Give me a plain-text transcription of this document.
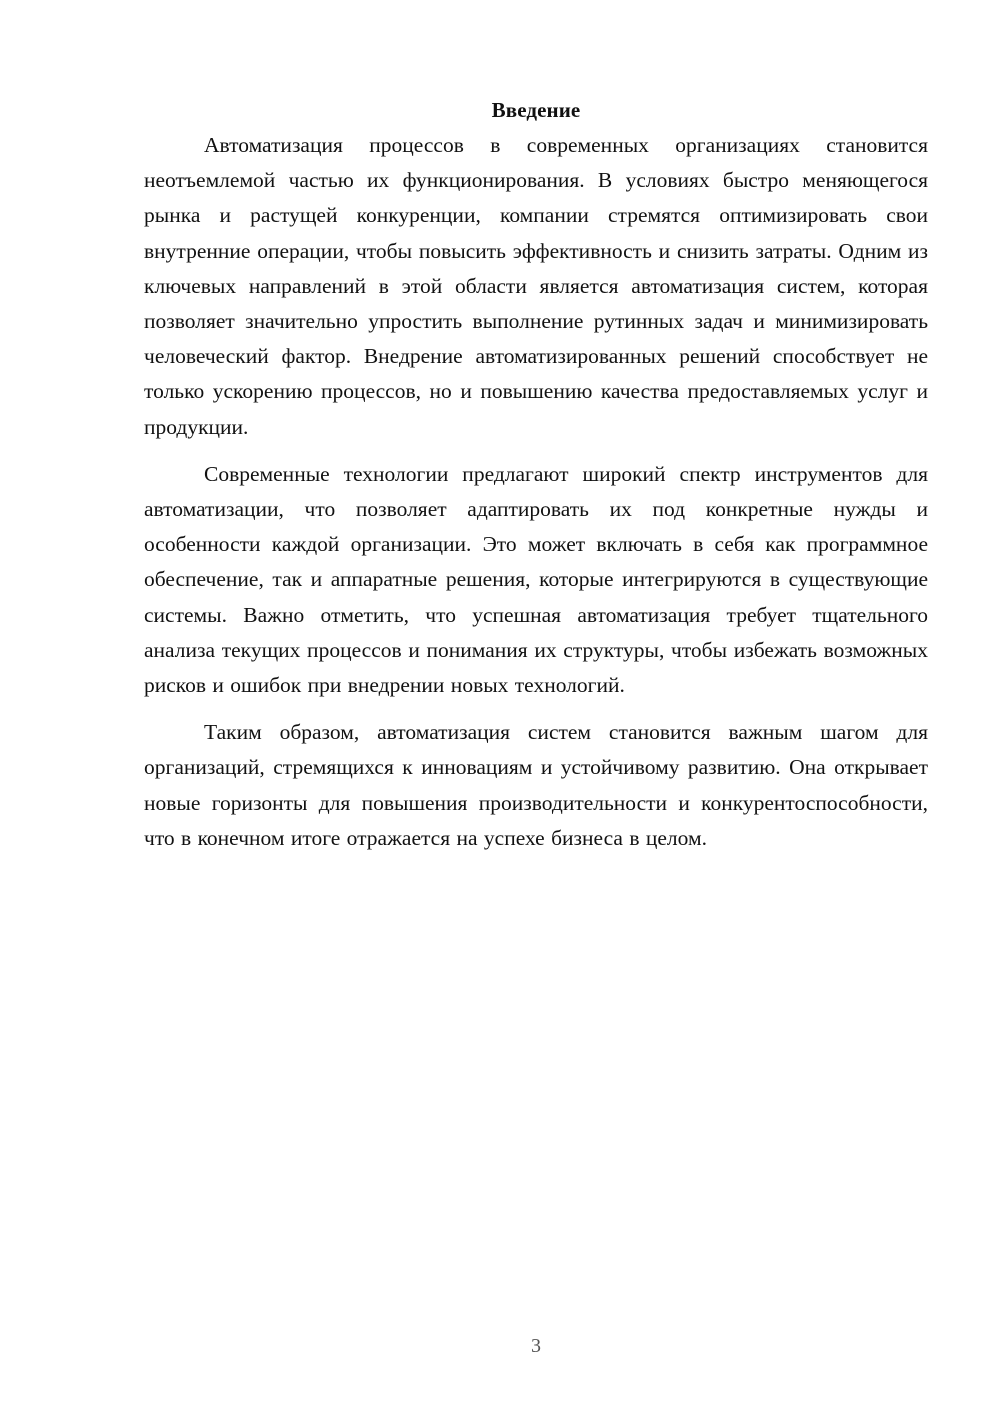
Введение

Автоматизация процессов в современных организациях становится неотъемлемой частью их функционирования. В условиях быстро меняющегося рынка и растущей конкуренции, компании стремятся оптимизировать свои внутренние операции, чтобы повысить эффективность и снизить затраты. Одним из ключевых направлений в этой области является автоматизация систем, которая позволяет значительно упростить выполнение рутинных задач и минимизировать человеческий фактор. Внедрение автоматизированных решений способствует не только ускорению процессов, но и повышению качества предоставляемых услуг и продукции.

Современные технологии предлагают широкий спектр инструментов для автоматизации, что позволяет адаптировать их под конкретные нужды и особенности каждой организации. Это может включать в себя как программное обеспечение, так и аппаратные решения, которые интегрируются в существующие системы. Важно отметить, что успешная автоматизация требует тщательного анализа текущих процессов и понимания их структуры, чтобы избежать возможных рисков и ошибок при внедрении новых технологий.

Таким образом, автоматизация систем становится важным шагом для организаций, стремящихся к инновациям и устойчивому развитию. Она открывает новые горизонты для повышения производительности и конкурентоспособности, что в конечном итоге отражается на успехе бизнеса в целом.

3
